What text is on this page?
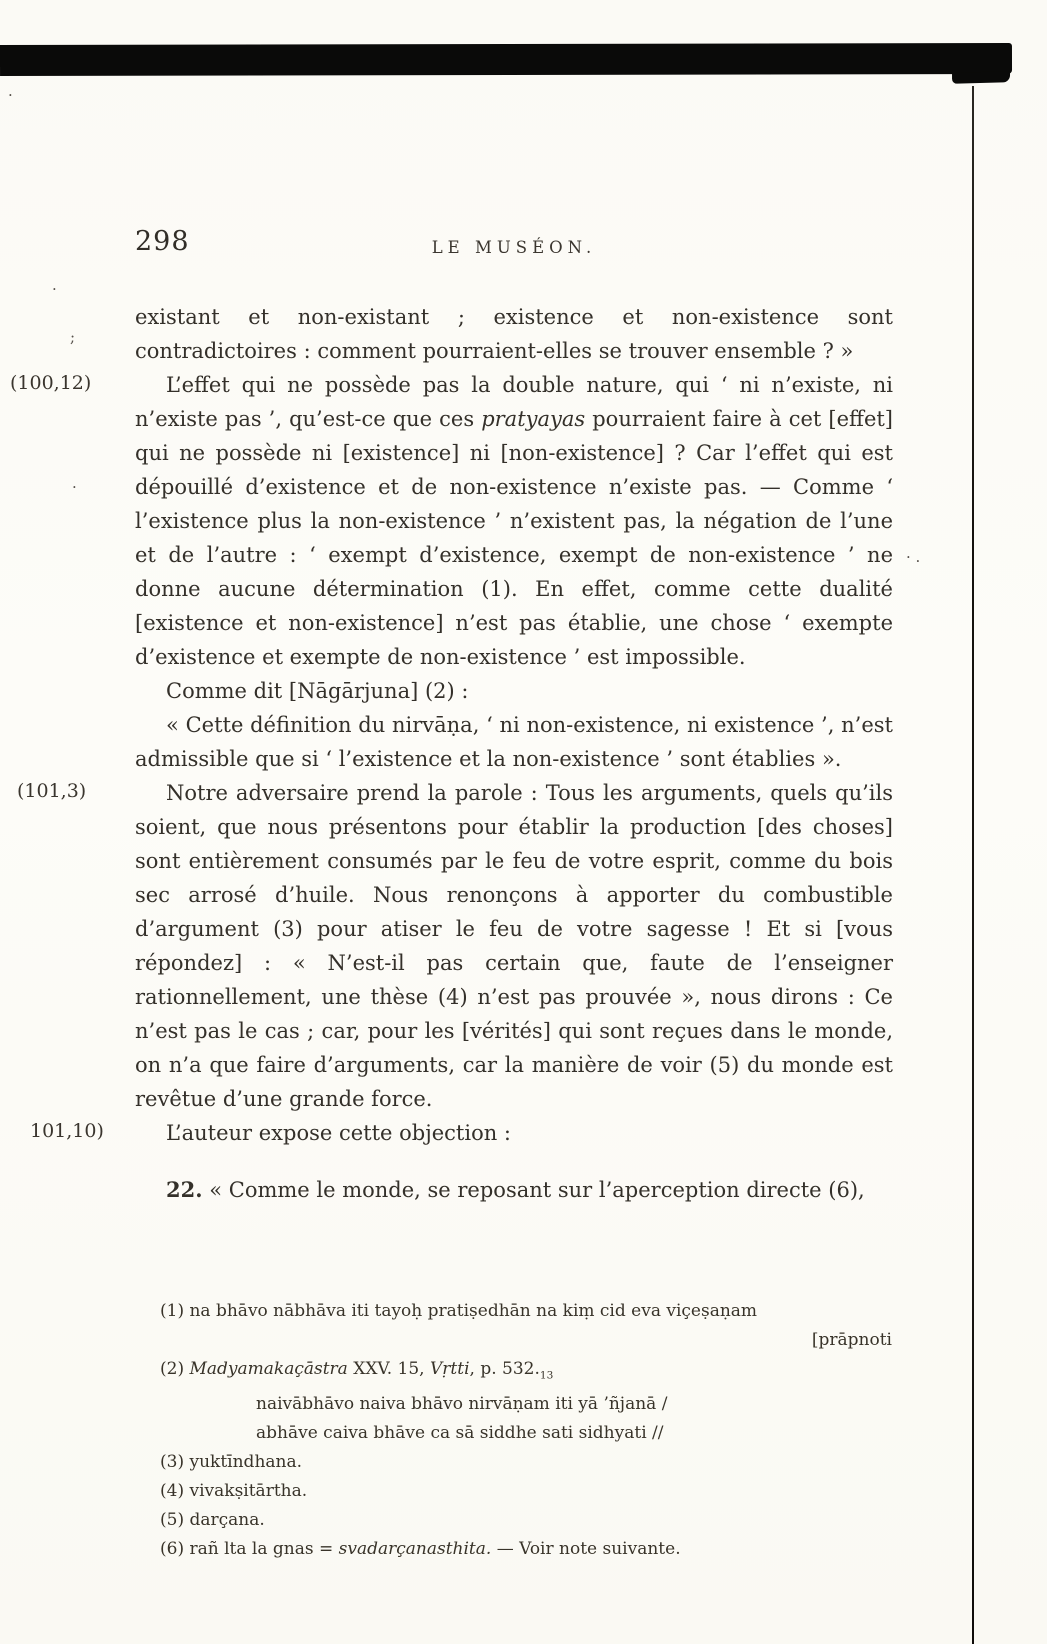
·
·
;
·
· .
298	LE MUSÉON.
(100,12)
(101,3)
101,10)

existant et non-existant ; existence et non-existence sont contradictoires : comment pourraient-elles se trouver ensemble ? »

L’effet qui ne possède pas la double nature, qui ‘ ni n’existe, ni n’existe pas ’, qu’est-ce que ces pratyayas pourraient faire à cet [effet] qui ne possède ni [existence] ni [non-existence] ? Car l’effet qui est dépouillé d’existence et de non-existence n’existe pas. — Comme ‘ l’existence plus la non-existence ’ n’existent pas, la négation de l’une et de l’autre : ‘ exempt d’existence, exempt de non-existence ’ ne donne aucune détermination (1). En effet, comme cette dualité [existence et non-existence] n’est pas établie, une chose ‘ exempte d’existence et exempte de non-existence ’ est impossible.

Comme dit [Nāgārjuna] (2) :

« Cette définition du nirvāṇa, ‘ ni non-existence, ni existence ’, n’est admissible que si ‘ l’existence et la non-existence ’ sont établies ».

Notre adversaire prend la parole : Tous les arguments, quels qu’ils soient, que nous présentons pour établir la production [des choses] sont entièrement consumés par le feu de votre esprit, comme du bois sec arrosé d’huile. Nous renonçons à apporter du combustible d’argument (3) pour atiser le feu de votre sagesse ! Et si [vous répondez] : « N’est-il pas certain que, faute de l’enseigner rationnellement, une thèse (4) n’est pas prouvée », nous dirons : Ce n’est pas le cas ; car, pour les [vérités] qui sont reçues dans le monde, on n’a que faire d’arguments, car la manière de voir (5) du monde est revêtue d’une grande force.

L’auteur expose cette objection :

22. « Comme le monde, se reposant sur l’aperception directe (6),

(1) na bhāvo nābhāva iti tayoḥ pratiṣedhān na kiṃ cid eva viçeṣaṇam
[prāpnoti
(2) Madyamakaçāstra XXV. 15, Vṛtti, p. $532._{13}$
naivābhāvo naiva bhāvo nirvāṇam iti yā ’ñjanā /
abhāve caiva bhāve ca sā siddhe sati sidhyati //
(3) yuktīndhana.
(4) vivakṣitārtha.
(5) darçana.
(6) rañ lta la gnas = svadarçanasthita. — Voir note suivante.
